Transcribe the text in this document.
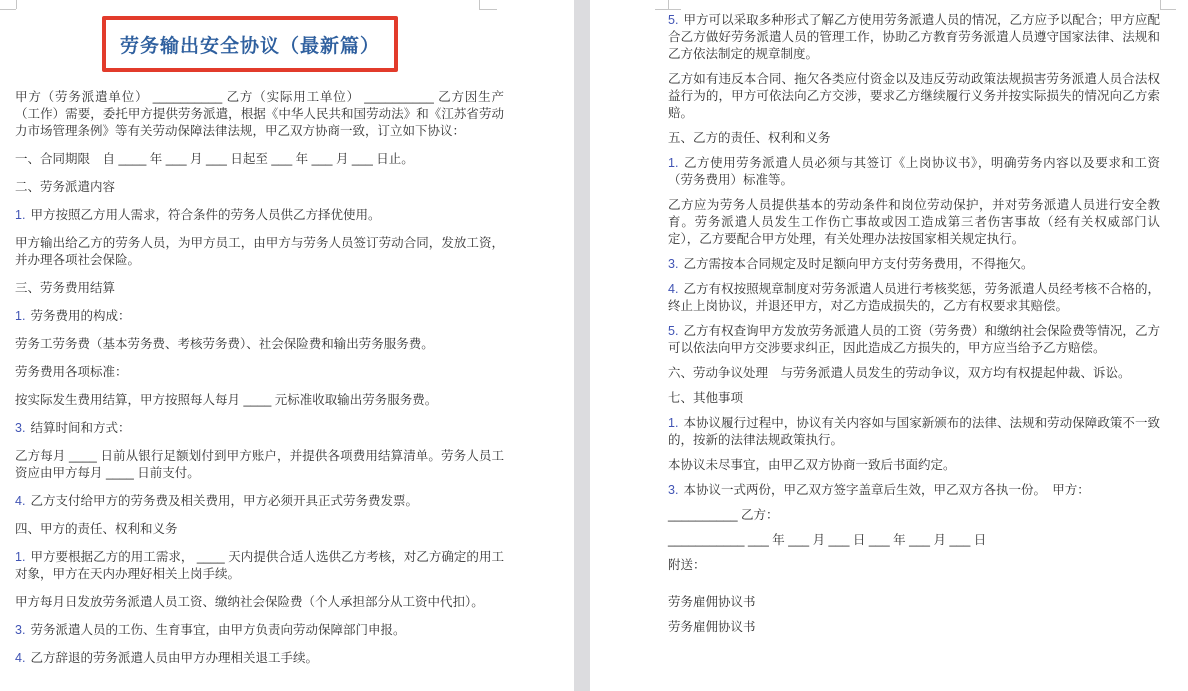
劳务输出安全协议（最新篇）

甲方（劳务派遣单位） __________ 乙方（实际用工单位） __________ 乙方因生产（工作）需要，委托甲方提供劳务派遣，根据《中华人民共和国劳动法》和《江苏省劳动力市场管理条例》等有关劳动保障法律法规，甲乙双方协商一致，订立如下协议：

一、合同期限　自 ____ 年 ___ 月 ___ 日起至 ___ 年 ___ 月 ___ 日止。

二、劳务派遣内容

1. 甲方按照乙方用人需求，符合条件的劳务人员供乙方择优使用。

甲方输出给乙方的劳务人员，为甲方员工，由甲方与劳务人员签订劳动合同，发放工资，并办理各项社会保险。

三、劳务费用结算

1. 劳务费用的构成：

劳务工劳务费（基本劳务费、考核劳务费）、社会保险费和输出劳务服务费。

劳务费用各项标准：

按实际发生费用结算，甲方按照每人每月 ____ 元标准收取输出劳务服务费。

3. 结算时间和方式：

乙方每月 ____ 日前从银行足额划付到甲方账户，并提供各项费用结算清单。劳务人员工资应由甲方每月 ____ 日前支付。

4. 乙方支付给甲方的劳务费及相关费用，甲方必须开具正式劳务费发票。

四、甲方的责任、权利和义务

1. 甲方要根据乙方的用工需求， ____ 天内提供合适人选供乙方考核，对乙方确定的用工对象，甲方在天内办理好相关上岗手续。

甲方每月日发放劳务派遣人员工资、缴纳社会保险费（个人承担部分从工资中代扣）。

3. 劳务派遣人员的工伤、生育事宜，由甲方负责向劳动保障部门申报。

4. 乙方辞退的劳务派遣人员由甲方办理相关退工手续。

5. 甲方可以采取多种形式了解乙方使用劳务派遣人员的情况，乙方应予以配合；甲方应配合乙方做好劳务派遣人员的管理工作，协助乙方教育劳务派遣人员遵守国家法律、法规和乙方依法制定的规章制度。

乙方如有违反本合同、拖欠各类应付资金以及违反劳动政策法规损害劳务派遣人员合法权益行为的，甲方可依法向乙方交涉，要求乙方继续履行义务并按实际损失的情况向乙方索赔。

五、乙方的责任、权利和义务

1. 乙方使用劳务派遣人员必须与其签订《上岗协议书》，明确劳务内容以及要求和工资（劳务费用）标准等。

乙方应为劳务人员提供基本的劳动条件和岗位劳动保护，并对劳务派遣人员进行安全教育。劳务派遣人员发生工作伤亡事故或因工造成第三者伤害事故（经有关权威部门认定），乙方要配合甲方处理，有关处理办法按国家相关规定执行。

3. 乙方需按本合同规定及时足额向甲方支付劳务费用，不得拖欠。

4. 乙方有权按照规章制度对劳务派遣人员进行考核奖惩，劳务派遣人员经考核不合格的，终止上岗协议，并退还甲方，对乙方造成损失的，乙方有权要求其赔偿。

5. 乙方有权查询甲方发放劳务派遣人员的工资（劳务费）和缴纳社会保险费等情况，乙方可以依法向甲方交涉要求纠正，因此造成乙方损失的，甲方应当给予乙方赔偿。

六、劳动争议处理　与劳务派遣人员发生的劳动争议，双方均有权提起仲裁、诉讼。

七、其他事项

1. 本协议履行过程中，协议有关内容如与国家新颁布的法律、法规和劳动保障政策不一致的，按新的法律法规政策执行。

本协议未尽事宜，由甲乙双方协商一致后书面约定。

3. 本协议一式两份，甲乙双方签字盖章后生效，甲乙双方各执一份。　甲方：

__________ 乙方：

___________ ___ 年 ___ 月 ___ 日 ___ 年 ___ 月 ___ 日

附送：

劳务雇佣协议书

劳务雇佣协议书
